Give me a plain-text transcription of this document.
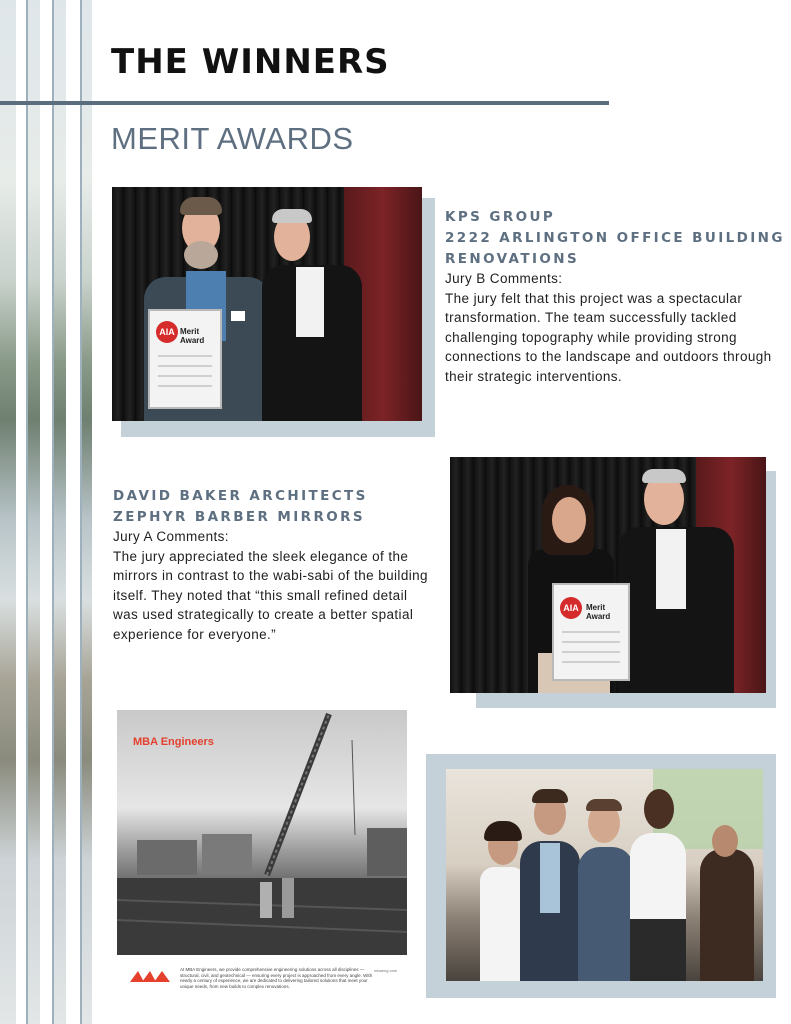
THE WINNERS
MERIT AWARDS
AIA Merit Award
KPS GROUP
2222 ARLINGTON OFFICE BUILDING
RENOVATIONS

Jury B Comments:

The jury felt that this project was a spectacular transformation. The team successfully tackled challenging topography while providing strong connections to the landscape and outdoors through their strategic interventions.

DAVID BAKER ARCHITECTS
ZEPHYR BARBER MIRRORS

Jury A Comments:

The jury appreciated the sleek elegance of the mirrors in contrast to the wabi-sabi of the building itself. They noted that “this small refined detail was used strategically to create a better spatial experience for everyone.”

AIA Merit Award
MBA Engineers
At MBA Engineers, we provide comprehensive engineering solutions across all disciplines — structural, civil, and geotechnical — ensuring every project is approached from every angle. With nearly a century of experience, we are dedicated to delivering tailored solutions that meet your unique needs, from new builds to complex renovations.
mbaeng.com
